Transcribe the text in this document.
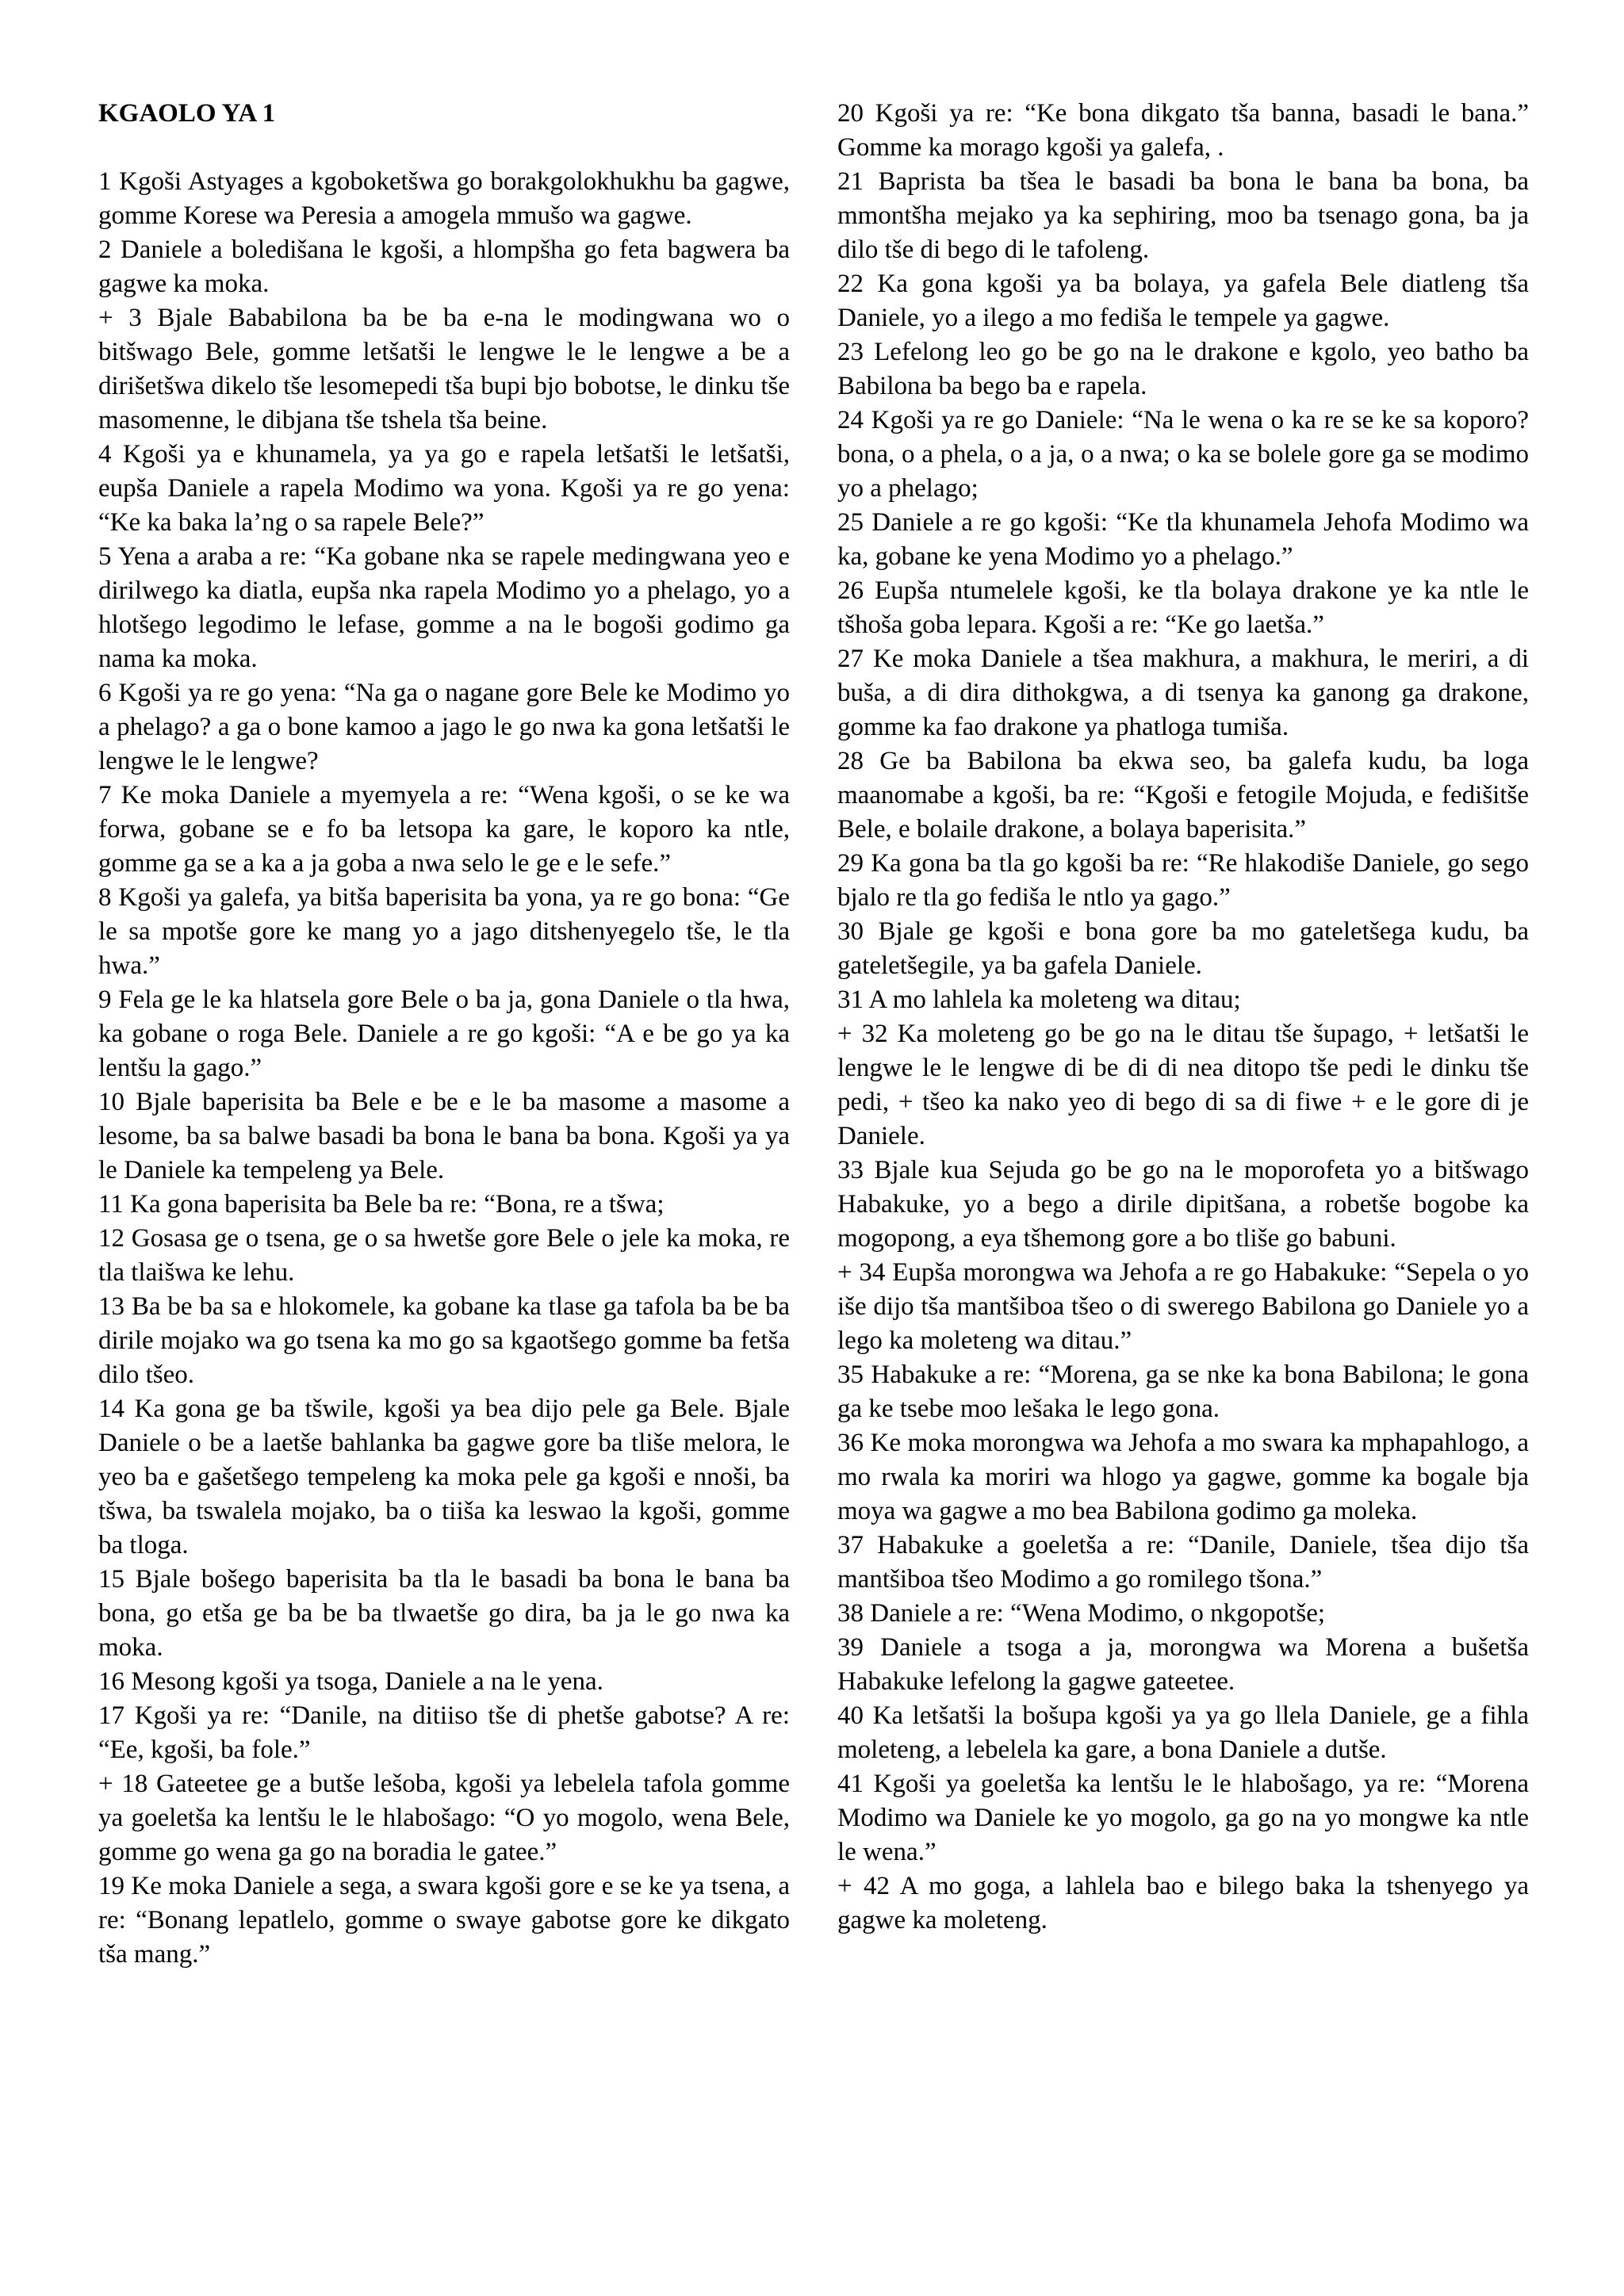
KGAOLO YA 1

1 Kgoši Astyages a kgoboketšwa go borakgolokhukhu ba gagwe, gomme Korese wa Peresia a amogela mmušo wa gagwe.

2 Daniele a boledišana le kgoši, a hlompšha go feta bagwera ba gagwe ka moka.

+ 3 Bjale Bababilona ba be ba e-na le modingwana wo o bitšwago Bele, gomme letšatši le lengwe le le lengwe a be a dirišetšwa dikelo tše lesomepedi tša bupi bjo bobotse, le dinku tše masomenne, le dibjana tše tshela tša beine.

4 Kgoši ya e khunamela, ya ya go e rapela letšatši le letšatši, eupša Daniele a rapela Modimo wa yona. Kgoši ya re go yena: “Ke ka baka la’ng o sa rapele Bele?”

5 Yena a araba a re: “Ka gobane nka se rapele medingwana yeo e dirilwego ka diatla, eupša nka rapela Modimo yo a phelago, yo a hlotšego legodimo le lefase, gomme a na le bogoši godimo ga nama ka moka.

6 Kgoši ya re go yena: “Na ga o nagane gore Bele ke Modimo yo a phelago? a ga o bone kamoo a jago le go nwa ka gona letšatši le lengwe le le lengwe?

7 Ke moka Daniele a myemyela a re: “Wena kgoši, o se ke wa forwa, gobane se e fo ba letsopa ka gare, le koporo ka ntle, gomme ga se a ka a ja goba a nwa selo le ge e le sefe.”

8 Kgoši ya galefa, ya bitša baperisita ba yona, ya re go bona: “Ge le sa mpotše gore ke mang yo a jago ditshenyegelo tše, le tla hwa.”

9 Fela ge le ka hlatsela gore Bele o ba ja, gona Daniele o tla hwa, ka gobane o roga Bele. Daniele a re go kgoši: “A e be go ya ka lentšu la gago.”

10 Bjale baperisita ba Bele e be e le ba masome a masome a lesome, ba sa balwe basadi ba bona le bana ba bona. Kgoši ya ya le Daniele ka tempeleng ya Bele.

11 Ka gona baperisita ba Bele ba re: “Bona, re a tšwa;

12 Gosasa ge o tsena, ge o sa hwetše gore Bele o jele ka moka, re tla tlaišwa ke lehu.

13 Ba be ba sa e hlokomele, ka gobane ka tlase ga tafola ba be ba dirile mojako wa go tsena ka mo go sa kgaotšego gomme ba fetša dilo tšeo.

14 Ka gona ge ba tšwile, kgoši ya bea dijo pele ga Bele. Bjale Daniele o be a laetše bahlanka ba gagwe gore ba tliše melora, le yeo ba e gašetšego tempeleng ka moka pele ga kgoši e nnoši, ba tšwa, ba tswalela mojako, ba o tiiša ka leswao la kgoši, gomme ba tloga.

15 Bjale bošego baperisita ba tla le basadi ba bona le bana ba bona, go etša ge ba be ba tlwaetše go dira, ba ja le go nwa ka moka.

16 Mesong kgoši ya tsoga, Daniele a na le yena.

17 Kgoši ya re: “Danile, na ditiiso tše di phetše gabotse? A re: “Ee, kgoši, ba fole.”

+ 18 Gateetee ge a butše lešoba, kgoši ya lebelela tafola gomme ya goeletša ka lentšu le le hlabošago: “O yo mogolo, wena Bele, gomme go wena ga go na boradia le gatee.”

19 Ke moka Daniele a sega, a swara kgoši gore e se ke ya tsena, a re: “Bonang lepatlelo, gomme o swaye gabotse gore ke dikgato tša mang.”

20 Kgoši ya re: “Ke bona dikgato tša banna, basadi le bana.” Gomme ka morago kgoši ya galefa, .

21 Baprista ba tšea le basadi ba bona le bana ba bona, ba mmontšha mejako ya ka sephiring, moo ba tsenago gona, ba ja dilo tše di bego di le tafoleng.

22 Ka gona kgoši ya ba bolaya, ya gafela Bele diatleng tša Daniele, yo a ilego a mo fediša le tempele ya gagwe.

23 Lefelong leo go be go na le drakone e kgolo, yeo batho ba Babilona ba bego ba e rapela.

24 Kgoši ya re go Daniele: “Na le wena o ka re se ke sa koporo? bona, o a phela, o a ja, o a nwa; o ka se bolele gore ga se modimo yo a phelago;

25 Daniele a re go kgoši: “Ke tla khunamela Jehofa Modimo wa ka, gobane ke yena Modimo yo a phelago.”

26 Eupša ntumelele kgoši, ke tla bolaya drakone ye ka ntle le tšhoša goba lepara. Kgoši a re: “Ke go laetša.”

27 Ke moka Daniele a tšea makhura, a makhura, le meriri, a di buša, a di dira dithokgwa, a di tsenya ka ganong ga drakone, gomme ka fao drakone ya phatloga tumiša.

28 Ge ba Babilona ba ekwa seo, ba galefa kudu, ba loga maanomabe a kgoši, ba re: “Kgoši e fetogile Mojuda, e fedišitše Bele, e bolaile drakone, a bolaya baperisita.”

29 Ka gona ba tla go kgoši ba re: “Re hlakodiše Daniele, go sego bjalo re tla go fediša le ntlo ya gago.”

30 Bjale ge kgoši e bona gore ba mo gateletšega kudu, ba gateletšegile, ya ba gafela Daniele.

31 A mo lahlela ka moleteng wa ditau;

+ 32 Ka moleteng go be go na le ditau tše šupago, + letšatši le lengwe le le lengwe di be di di nea ditopo tše pedi le dinku tše pedi, + tšeo ka nako yeo di bego di sa di fiwe + e le gore di je Daniele.

33 Bjale kua Sejuda go be go na le moporofeta yo a bitšwago Habakuke, yo a bego a dirile dipitšana, a robetše bogobe ka mogopong, a eya tšhemong gore a bo tliše go babuni.

+ 34 Eupša morongwa wa Jehofa a re go Habakuke: “Sepela o yo iše dijo tša mantšiboa tšeo o di swerego Babilona go Daniele yo a lego ka moleteng wa ditau.”

35 Habakuke a re: “Morena, ga se nke ka bona Babilona; le gona ga ke tsebe moo lešaka le lego gona.

36 Ke moka morongwa wa Jehofa a mo swara ka mphapahlogo, a mo rwala ka moriri wa hlogo ya gagwe, gomme ka bogale bja moya wa gagwe a mo bea Babilona godimo ga moleka.

37 Habakuke a goeletša a re: “Danile, Daniele, tšea dijo tša mantšiboa tšeo Modimo a go romilego tšona.”

38 Daniele a re: “Wena Modimo, o nkgopotše;

39 Daniele a tsoga a ja, morongwa wa Morena a bušetša Habakuke lefelong la gagwe gateetee.

40 Ka letšatši la bošupa kgoši ya ya go llela Daniele, ge a fihla moleteng, a lebelela ka gare, a bona Daniele a dutše.

41 Kgoši ya goeletša ka lentšu le le hlabošago, ya re: “Morena Modimo wa Daniele ke yo mogolo, ga go na yo mongwe ka ntle le wena.”

+ 42 A mo goga, a lahlela bao e bilego baka la tshenyego ya gagwe ka moleteng.
